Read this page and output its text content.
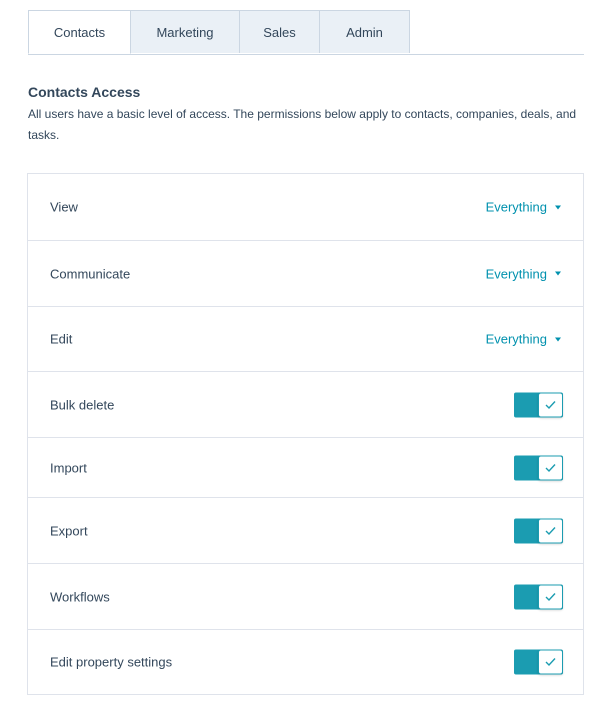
Contacts	Marketing	Sales	Admin
Contacts Access
All users have a basic level of access. The permissions below apply to contacts, companies, deals, and tasks.
View	Everything
Communicate	Everything
Edit	Everything
Bulk delete
Import
Export
Workflows
Edit property settings
